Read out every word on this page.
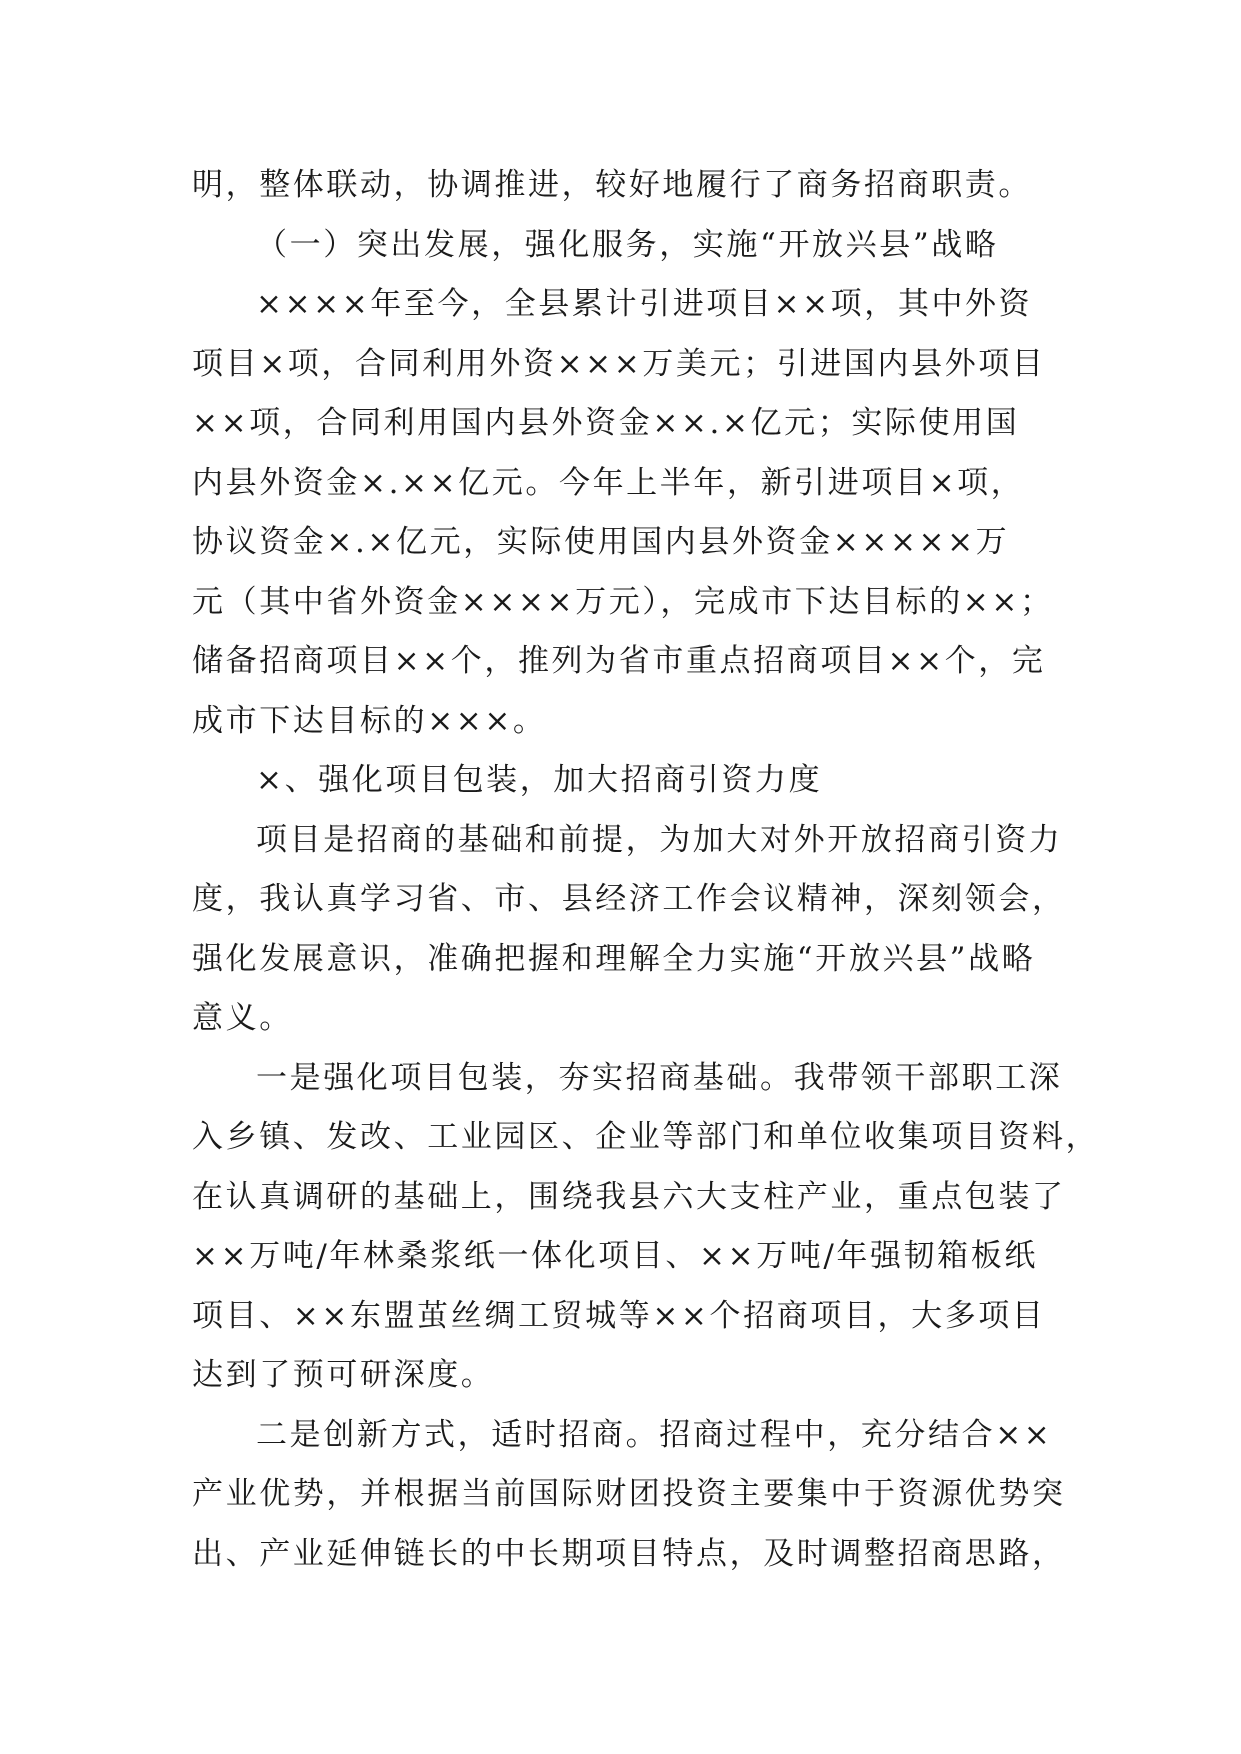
明，整体联动，协调推进，较好地履行了商务招商职责。
（一）突出发展，强化服务，实施“开放兴县”战略
××××年至今，全县累计引进项目××项，其中外资
项目×项，合同利用外资×××万美元；引进国内县外项目
××项，合同利用国内县外资金××.×亿元；实际使用国
内县外资金×.××亿元。今年上半年，新引进项目×项，
协议资金×.×亿元，实际使用国内县外资金×××××万
元（其中省外资金××××万元），完成市下达目标的××；
储备招商项目××个，推列为省市重点招商项目××个，完
成市下达目标的×××。
×、强化项目包装，加大招商引资力度
项目是招商的基础和前提，为加大对外开放招商引资力
度，我认真学习省、市、县经济工作会议精神，深刻领会，
强化发展意识，准确把握和理解全力实施“开放兴县”战略
意义。
一是强化项目包装，夯实招商基础。我带领干部职工深
入乡镇、发改、工业园区、企业等部门和单位收集项目资料，
在认真调研的基础上，围绕我县六大支柱产业，重点包装了
××万吨/年林桑浆纸一体化项目、××万吨/年强韧箱板纸
项目、××东盟茧丝绸工贸城等××个招商项目，大多项目
达到了预可研深度。
二是创新方式，适时招商。招商过程中，充分结合××
产业优势，并根据当前国际财团投资主要集中于资源优势突
出、产业延伸链长的中长期项目特点，及时调整招商思路，
